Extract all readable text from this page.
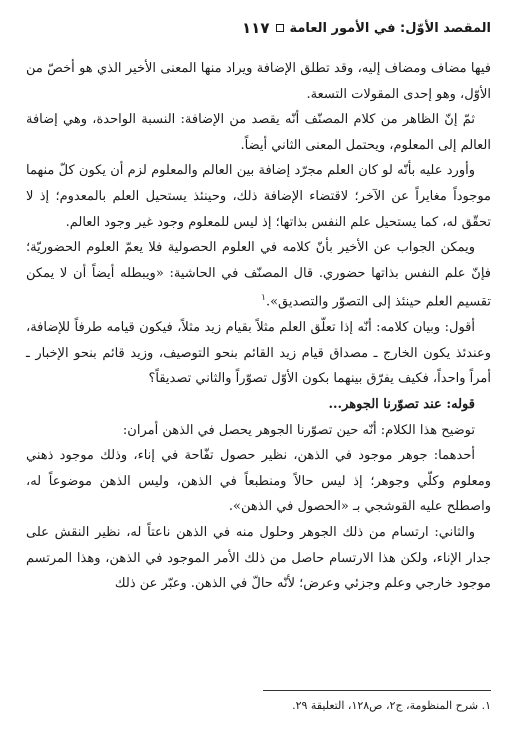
المقصد الأوّل: في الأمور العامة
١١٧

فيها مضاف ومضاف إليه، وقد تطلق الإضافة ويراد منها المعنى الأخير الذي هو أخصّ من الأوّل، وهو إحدى المقولات التسعة.

ثمّ إنّ الظاهر من كلام المصنّف أنّه يقصد من الإضافة: النسبة الواحدة، وهي إضافة العالم إلى المعلوم، ويحتمل المعنى الثاني أيضاً.

وأورد عليه بأنّه لو كان العلم مجرّد إضافة بين العالم والمعلوم لزم أن يكون كلّ منهما موجوداً مغايراً عن الآخر؛ لاقتضاء الإضافة ذلك، وحينئذ يستحيل العلم بالمعدوم؛ إذ لا تحقّق له، كما يستحيل علم النفس بذاتها؛ إذ ليس للمعلوم وجود غير وجود العالم.

ويمكن الجواب عن الأخير بأنّ كلامه في العلوم الحصولية فلا يعمّ العلوم الحضوريّة؛ فإنّ علم النفس بذاتها حضوري. قال المصنّف في الحاشية: «ويبطله أيضاً أن لا يمكن تقسيم العلم حينئذ إلى التصوّر والتصديق».$^١$

أقول: وبيان كلامه: أنّه إذا تعلّق العلم مثلاً بقيام زيد مثلاً، فيكون قيامه طرفاً للإضافة، وعندئذ يكون الخارج ـ مصداق قيام زيد القائم بنحو التوصيف، وزيد قائم بنحو الإخبار ـ أمراً واحداً، فكيف يفرّق بينهما بكون الأوّل تصوّراً والثاني تصديقاً؟

قوله: عند تصوّرنا الجوهر...

توضيح هذا الكلام: أنّه حين تصوّرنا الجوهر يحصل في الذهن أمران:

أحدهما: جوهر موجود في الذهن، نظير حصول تفّاحة في إناء، وذلك موجود ذهني ومعلوم وكلّي وجوهر؛ إذ ليس حالاً ومنطبعاً في الذهن، وليس الذهن موضوعاً له، واصطلح عليه القوشجي بـ «الحصول في الذهن».

والثاني: ارتسام من ذلك الجوهر وحلول منه في الذهن ناعتاً له، نظير النقش على جدار الإناء، ولكن هذا الارتسام حاصل من ذلك الأمر الموجود في الذهن، وهذا المرتسم موجود خارجي وعلم وجزئي وعرض؛ لأنّه حالّ في الذهن. وعبّر عن ذلك

١. شرح المنظومة، ج٢، ص١٢٨، التعليقة ٢٩.
